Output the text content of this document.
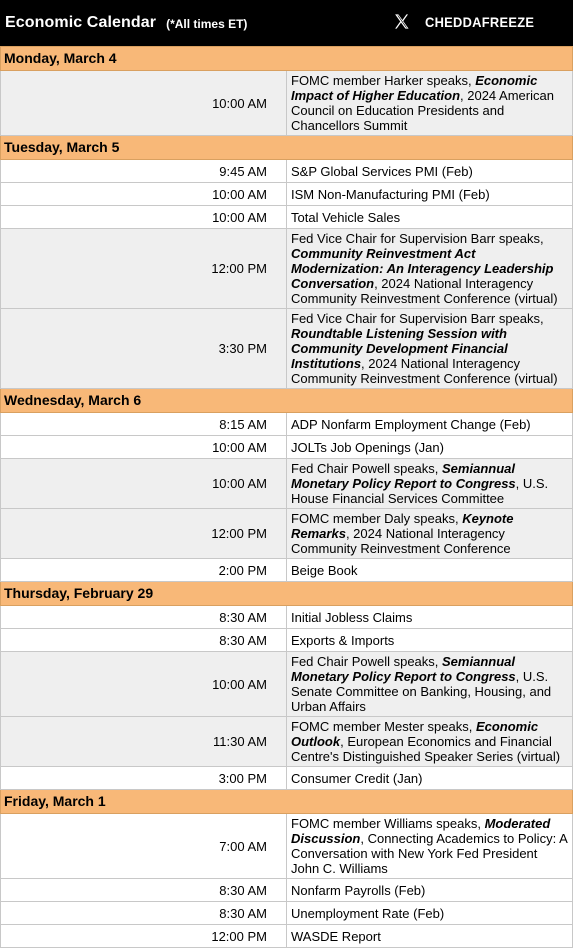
Economic Calendar (*All times ET)	CHEDDAFREEZE
Monday, March 4	
10:00 AM	FOMC member Harker speaks, Economic Impact of Higher Education, 2024 American Council on Education Presidents and Chancellors Summit
Tuesday, March 5	
9:45 AM	S&P Global Services PMI (Feb)
10:00 AM	ISM Non-Manufacturing PMI (Feb)
10:00 AM	Total Vehicle Sales
12:00 PM	Fed Vice Chair for Supervision Barr speaks, Community Reinvestment Act Modernization: An Interagency Leadership Conversation, 2024 National Interagency Community Reinvestment Conference (virtual)
3:30 PM	Fed Vice Chair for Supervision Barr speaks, Roundtable Listening Session with Community Development Financial Institutions, 2024 National Interagency Community Reinvestment Conference (virtual)
Wednesday, March 6	
8:15 AM	ADP Nonfarm Employment Change (Feb)
10:00 AM	JOLTs Job Openings (Jan)
10:00 AM	Fed Chair Powell speaks, Semiannual Monetary Policy Report to Congress, U.S. House Financial Services Committee
12:00 PM	FOMC member Daly speaks, Keynote Remarks, 2024 National Interagency Community Reinvestment Conference
2:00 PM	Beige Book
Thursday, February 29	
8:30 AM	Initial Jobless Claims
8:30 AM	Exports & Imports
10:00 AM	Fed Chair Powell speaks, Semiannual Monetary Policy Report to Congress, U.S. Senate Committee on Banking, Housing, and Urban Affairs
11:30 AM	FOMC member Mester speaks, Economic Outlook, European Economics and Financial Centre's Distinguished Speaker Series (virtual)
3:00 PM	Consumer Credit (Jan)
Friday, March 1	
7:00 AM	FOMC member Williams speaks, Moderated Discussion, Connecting Academics to Policy: A Conversation with New York Fed President John C. Williams
8:30 AM	Nonfarm Payrolls (Feb)
8:30 AM	Unemployment Rate (Feb)
12:00 PM	WASDE Report
